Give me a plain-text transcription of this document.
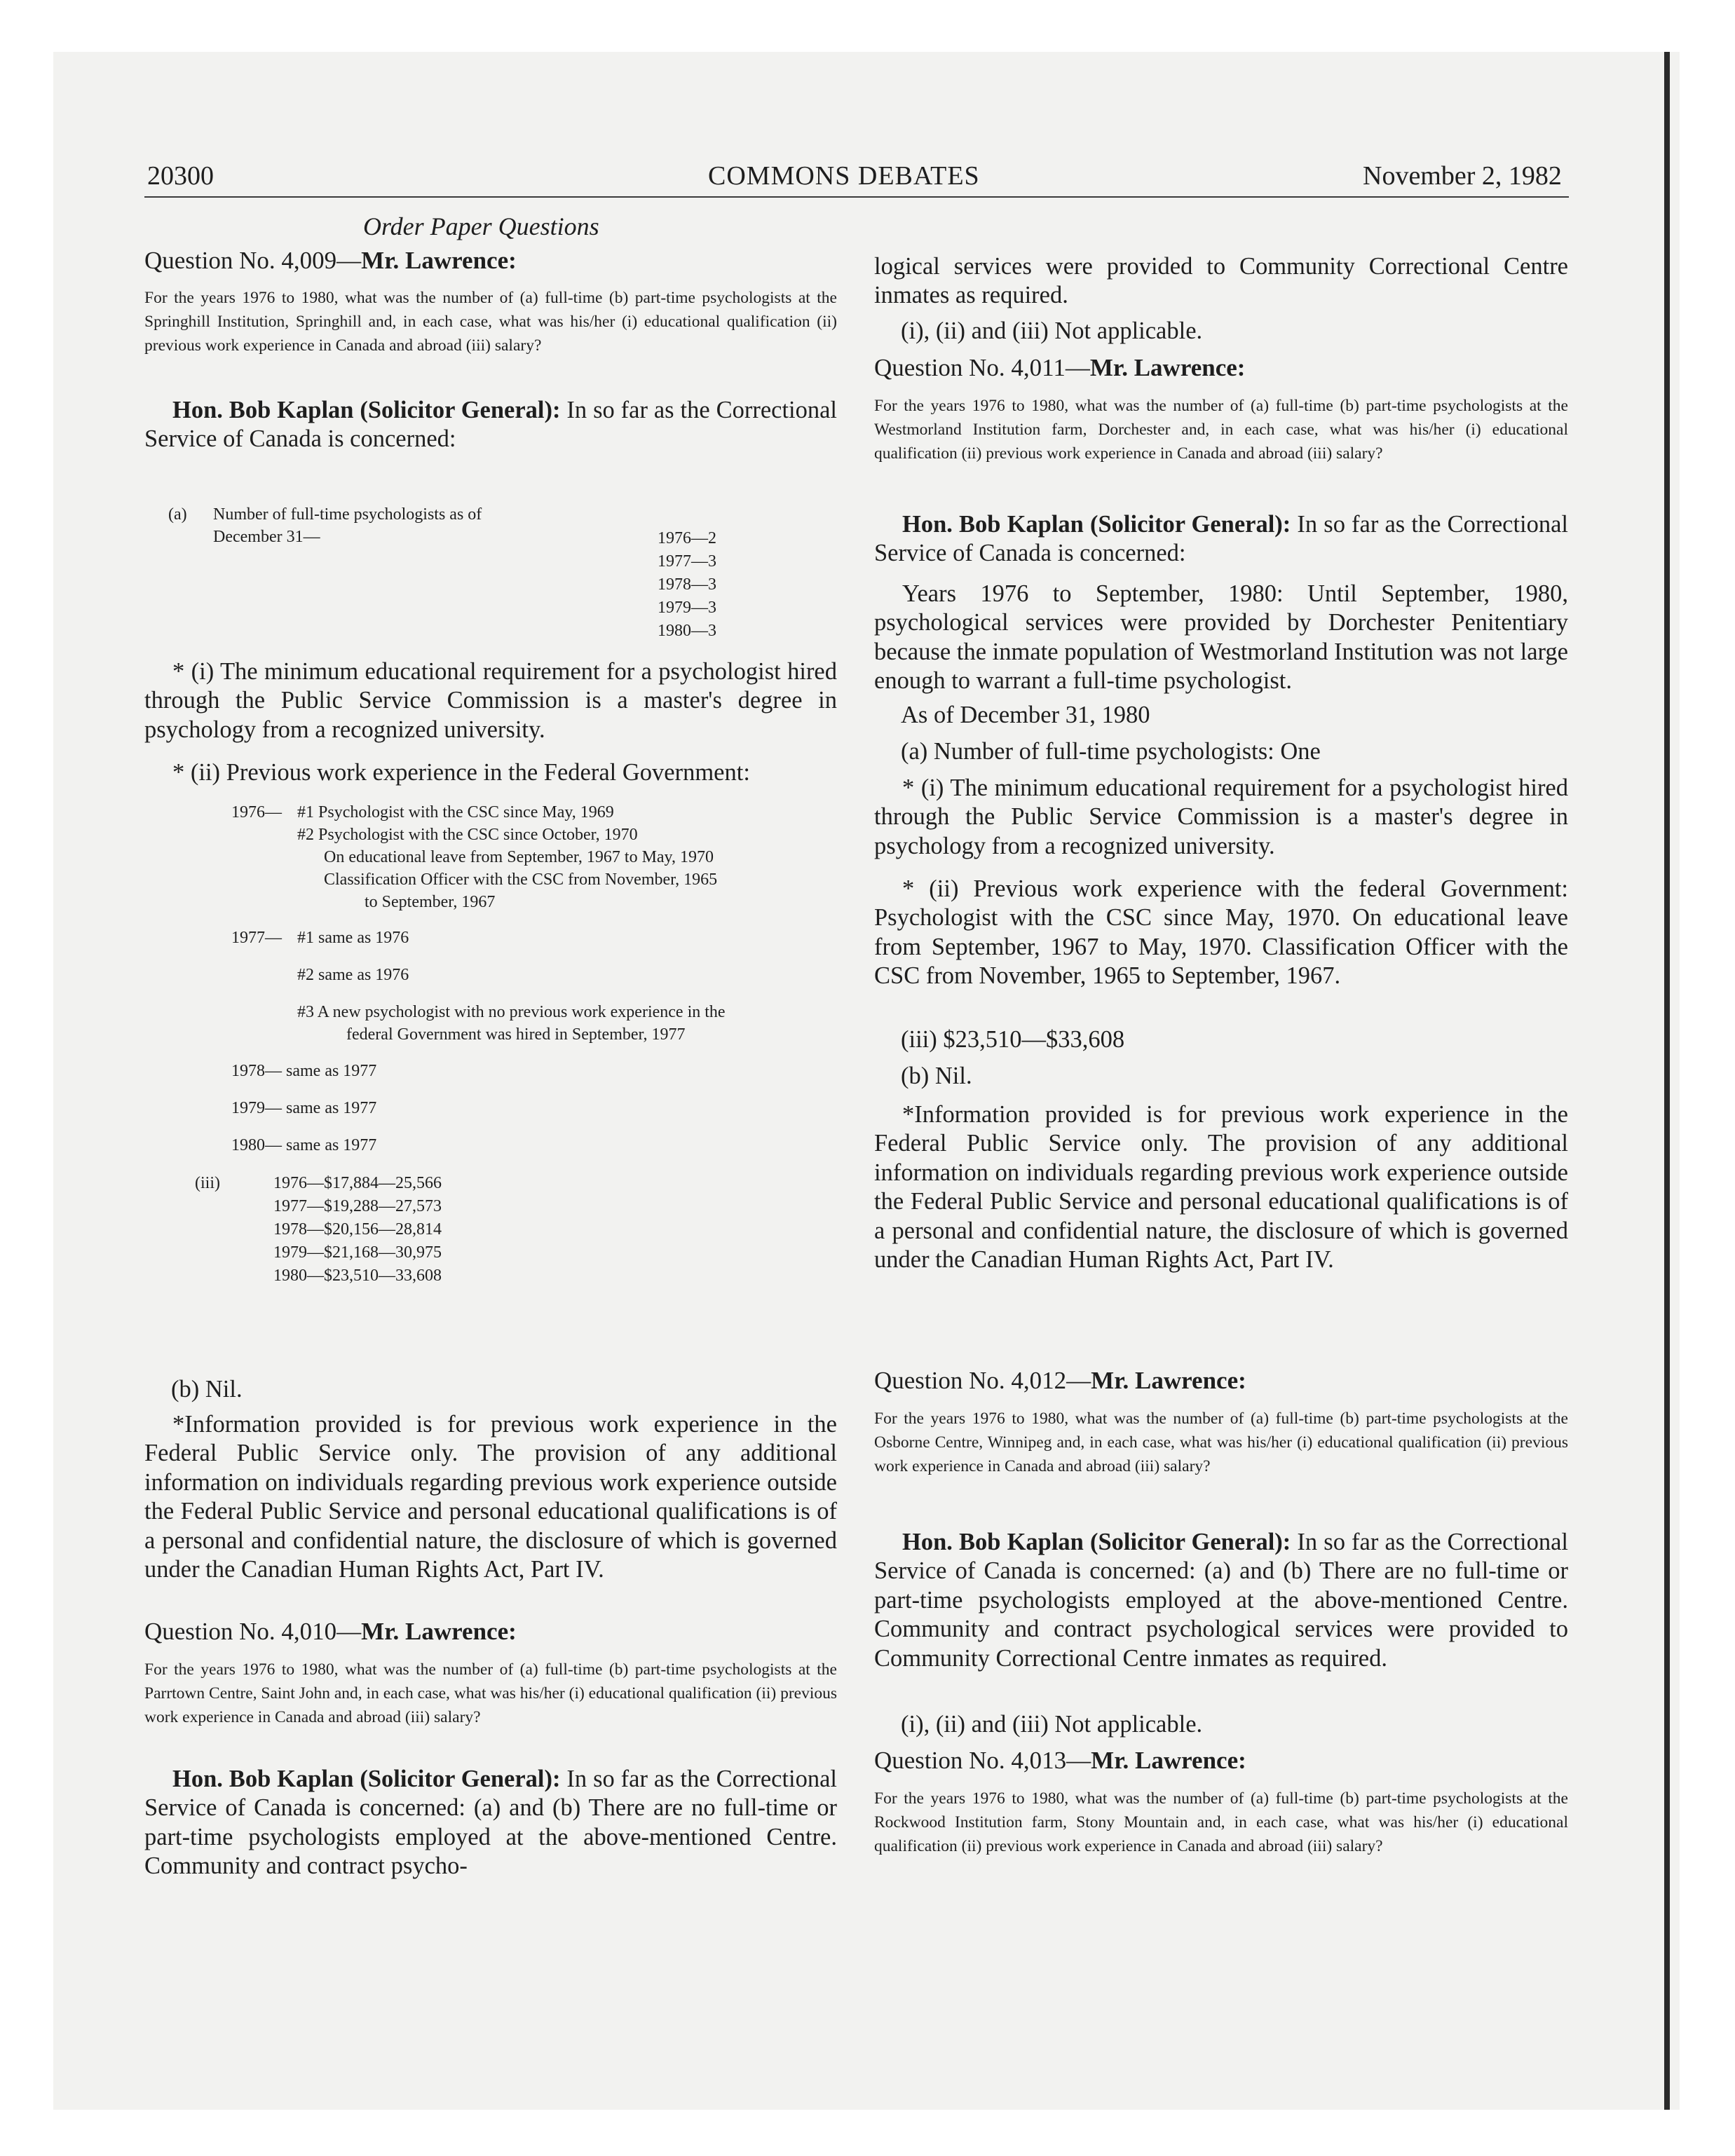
20300	COMMONS DEBATES	November 2, 1982
Order Paper Questions
Question No. 4,009—Mr. Lawrence:

For the years 1976 to 1980, what was the number of (a) full-time (b) part-time psychologists at the Springhill Institution, Springhill and, in each case, what was his/her (i) educational qualification (ii) previous work experience in Canada and abroad (iii) salary?

Hon. Bob Kaplan (Solicitor General): In so far as the Correctional Service of Canada is concerned:

(a) Number of full-time psychologists as of
December 31—	1976—2
1977—3
1978—3
1979—3
1980—3

* (i) The minimum educational requirement for a psychologist hired through the Public Service Commission is a master's degree in psychology from a recognized university.

* (ii) Previous work experience in the Federal Government:

1976— #1 Psychologist with the CSC since May, 1969
#2 Psychologist with the CSC since October, 1970
On educational leave from September, 1967 to May, 1970
Classification Officer with the CSC from November, 1965
to September, 1967
1977— #1 same as 1976
#2 same as 1976
#3 A new psychologist with no previous work experience in the
federal Government was hired in September, 1977
1978— same as 1977
1979— same as 1977
1980— same as 1977
(iii)	1976—$17,884—25,566
1977—$19,288—27,573
1978—$20,156—28,814
1979—$21,168—30,975
1980—$23,510—33,608
(b) Nil.

*Information provided is for previous work experience in the Federal Public Service only. The provision of any additional information on individuals regarding previous work experience outside the Federal Public Service and personal educational qualifications is of a personal and confidential nature, the disclosure of which is governed under the Canadian Human Rights Act, Part IV.

Question No. 4,010—Mr. Lawrence:

For the years 1976 to 1980, what was the number of (a) full-time (b) part-time psychologists at the Parrtown Centre, Saint John and, in each case, what was his/her (i) educational qualification (ii) previous work experience in Canada and abroad (iii) salary?

Hon. Bob Kaplan (Solicitor General): In so far as the Correctional Service of Canada is concerned: (a) and (b) There are no full-time or part-time psychologists employed at the above-mentioned Centre. Community and contract psycho-

logical services were provided to Community Correctional Centre inmates as required.

(i), (ii) and (iii) Not applicable.
Question No. 4,011—Mr. Lawrence:

For the years 1976 to 1980, what was the number of (a) full-time (b) part-time psychologists at the Westmorland Institution farm, Dorchester and, in each case, what was his/her (i) educational qualification (ii) previous work experience in Canada and abroad (iii) salary?

Hon. Bob Kaplan (Solicitor General): In so far as the Correctional Service of Canada is concerned:

Years 1976 to September, 1980: Until September, 1980, psychological services were provided by Dorchester Penitentiary because the inmate population of Westmorland Institution was not large enough to warrant a full-time psychologist.

As of December 31, 1980
(a) Number of full-time psychologists: One

* (i) The minimum educational requirement for a psychologist hired through the Public Service Commission is a master's degree in psychology from a recognized university.

* (ii) Previous work experience with the federal Government: Psychologist with the CSC since May, 1970. On educational leave from September, 1967 to May, 1970. Classification Officer with the CSC from November, 1965 to September, 1967.

(iii) $23,510—$33,608
(b) Nil.

*Information provided is for previous work experience in the Federal Public Service only. The provision of any additional information on individuals regarding previous work experience outside the Federal Public Service and personal educational qualifications is of a personal and confidential nature, the disclosure of which is governed under the Canadian Human Rights Act, Part IV.

Question No. 4,012—Mr. Lawrence:

For the years 1976 to 1980, what was the number of (a) full-time (b) part-time psychologists at the Osborne Centre, Winnipeg and, in each case, what was his/her (i) educational qualification (ii) previous work experience in Canada and abroad (iii) salary?

Hon. Bob Kaplan (Solicitor General): In so far as the Correctional Service of Canada is concerned: (a) and (b) There are no full-time or part-time psychologists employed at the above-mentioned Centre. Community and contract psychological services were provided to Community Correctional Centre inmates as required.

(i), (ii) and (iii) Not applicable.
Question No. 4,013—Mr. Lawrence:

For the years 1976 to 1980, what was the number of (a) full-time (b) part-time psychologists at the Rockwood Institution farm, Stony Mountain and, in each case, what was his/her (i) educational qualification (ii) previous work experience in Canada and abroad (iii) salary?
